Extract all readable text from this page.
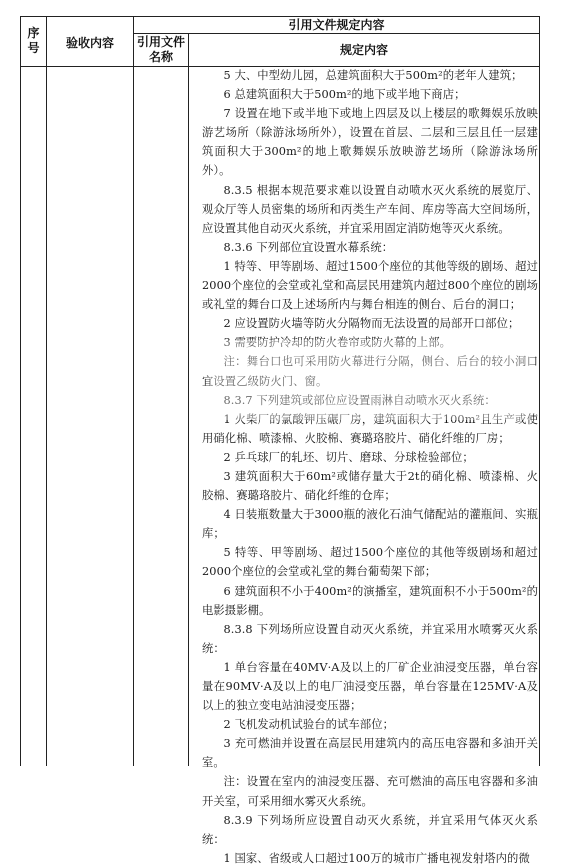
序号	验收内容
引用文件规定内容
引用文件名称	规定内容
5 大、中型幼儿园，总建筑面积大于500m²的老年人建筑；
6 总建筑面积大于500m²的地下或半地下商店；
7 设置在地下或半地下或地上四层及以上楼层的歌舞娱乐放映游艺场所（除游泳场所外），设置在首层、二层和三层且任一层建筑面积大于300m²的地上歌舞娱乐放映游艺场所（除游泳场所外）。
8.3.5 根据本规范要求难以设置自动喷水灭火系统的展览厅、观众厅等人员密集的场所和丙类生产车间、库房等高大空间场所，应设置其他自动灭火系统，并宜采用固定消防炮等灭火系统。
8.3.6 下列部位宜设置水幕系统：
1 特等、甲等剧场、超过1500个座位的其他等级的剧场、超过2000个座位的会堂或礼堂和高层民用建筑内超过800个座位的剧场或礼堂的舞台口及上述场所内与舞台相连的侧台、后台的洞口；
2 应设置防火墙等防火分隔物而无法设置的局部开口部位；
3 需要防护冷却的防火卷帘或防火幕的上部。
注：舞台口也可采用防火幕进行分隔，侧台、后台的较小洞口宜设置乙级防火门、窗。
8.3.7 下列建筑或部位应设置雨淋自动喷水灭火系统：
1 火柴厂的氯酸钾压碾厂房，建筑面积大于100m²且生产或使用硝化棉、喷漆棉、火胶棉、赛璐珞胶片、硝化纤维的厂房；
2 乒乓球厂的轧坯、切片、磨球、分球检验部位；
3 建筑面积大于60m²或储存量大于2t的硝化棉、喷漆棉、火胶棉、赛璐珞胶片、硝化纤维的仓库；
4 日装瓶数量大于3000瓶的液化石油气储配站的灌瓶间、实瓶库；
5 特等、甲等剧场、超过1500个座位的其他等级剧场和超过2000个座位的会堂或礼堂的舞台葡萄架下部；
6 建筑面积不小于400m²的演播室，建筑面积不小于500m²的电影摄影棚。
8.3.8 下列场所应设置自动灭火系统，并宜采用水喷雾灭火系统：
1 单台容量在40MV·A及以上的厂矿企业油浸变压器，单台容量在90MV·A及以上的电厂油浸变压器，单台容量在125MV·A及以上的独立变电站油浸变压器；
2 飞机发动机试验台的试车部位；
3 充可燃油并设置在高层民用建筑内的高压电容器和多油开关室。
注：设置在室内的油浸变压器、充可燃油的高压电容器和多油开关室，可采用细水雾灭火系统。
8.3.9 下列场所应设置自动灭火系统，并宜采用气体灭火系统：
1 国家、省级或人口超过100万的城市广播电视发射塔内的微
